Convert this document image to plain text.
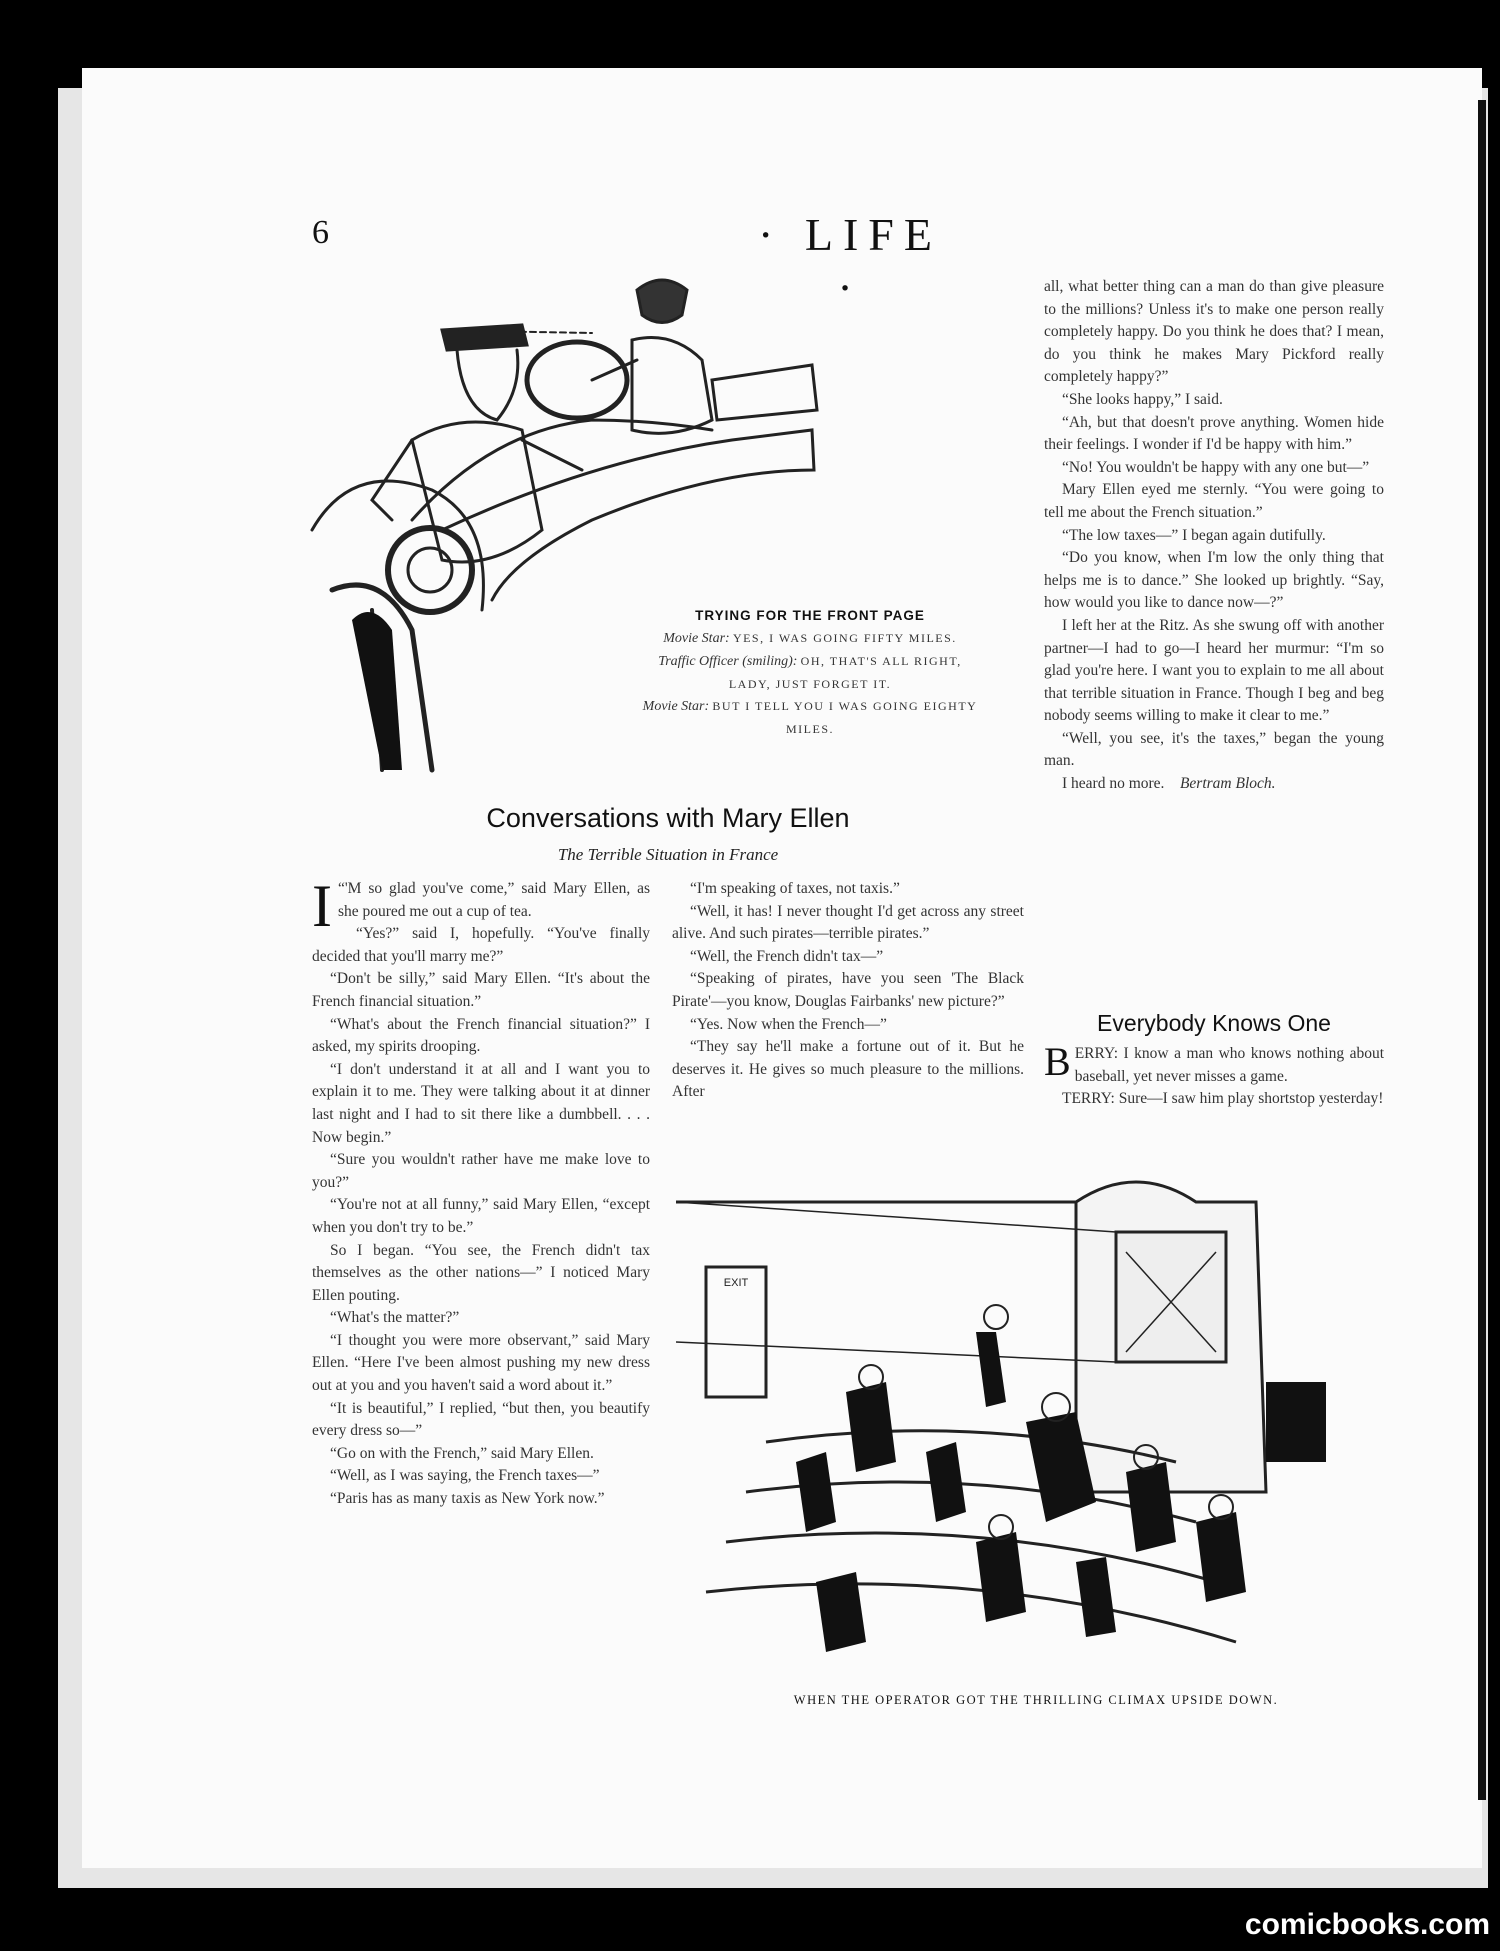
6	· LIFE ·
TRYING FOR THE FRONT PAGE
Movie Star: YES, I WAS GOING FIFTY MILES.
Traffic Officer (smiling): OH, THAT'S ALL RIGHT, LADY, JUST FORGET IT.
Movie Star: BUT I TELL YOU I WAS GOING EIGHTY MILES.
Conversations with Mary Ellen
The Terrible Situation in France

“
I 'M so glad you've come,” said Mary Ellen, as she poured me out a cup of tea.

“Yes?” said I, hopefully. “You've finally decided that you'll marry me?”

“Don't be silly,” said Mary Ellen. “It's about the French financial situation.”

“What's about the French financial situation?” I asked, my spirits drooping.

“I don't understand it at all and I want you to explain it to me. They were talking about it at dinner last night and I had to sit there like a dumbbell. . . . Now begin.”

“Sure you wouldn't rather have me make love to you?”

“You're not at all funny,” said Mary Ellen, “except when you don't try to be.”

So I began. “You see, the French didn't tax themselves as the other nations—” I noticed Mary Ellen pouting.

“What's the matter?”

“I thought you were more observant,” said Mary Ellen. “Here I've been almost pushing my new dress out at you and you haven't said a word about it.”

“It is beautiful,” I replied, “but then, you beautify every dress so—”

“Go on with the French,” said Mary Ellen.

“Well, as I was saying, the French taxes—”

“Paris has as many taxis as New York now.”

“I'm speaking of taxes, not taxis.”

“Well, it has! I never thought I'd get across any street alive. And such pirates—terrible pirates.”

“Well, the French didn't tax—”

“Speaking of pirates, have you seen 'The Black Pirate'—you know, Douglas Fairbanks' new picture?”

“Yes. Now when the French—”

“They say he'll make a fortune out of it. But he deserves it. He gives so much pleasure to the millions. After

all, what better thing can a man do than give pleasure to the millions? Unless it's to make one person really completely happy. Do you think he does that? I mean, do you think he makes Mary Pickford really completely happy?”

“She looks happy,” I said.

“Ah, but that doesn't prove anything. Women hide their feelings. I wonder if I'd be happy with him.”

“No! You wouldn't be happy with any one but—”

Mary Ellen eyed me sternly. “You were going to tell me about the French situation.”

“The low taxes—” I began again dutifully.

“Do you know, when I'm low the only thing that helps me is to dance.” She looked up brightly. “Say, how would you like to dance now—?”

I left her at the Ritz. As she swung off with another partner—I had to go—I heard her murmur: “I'm so glad you're here. I want you to explain to me all about that terrible situation in France. Though I beg and beg nobody seems willing to make it clear to me.”

“Well, you see, it's the taxes,” began the young man.

I heard no more. Bertram Bloch.

Everybody Knows One

BERRY: I know a man who knows nothing about baseball, yet never misses a game.

TERRY: Sure—I saw him play shortstop yesterday!

EXIT
WHEN THE OPERATOR GOT THE THRILLING CLIMAX UPSIDE DOWN.
comicbooks.com
